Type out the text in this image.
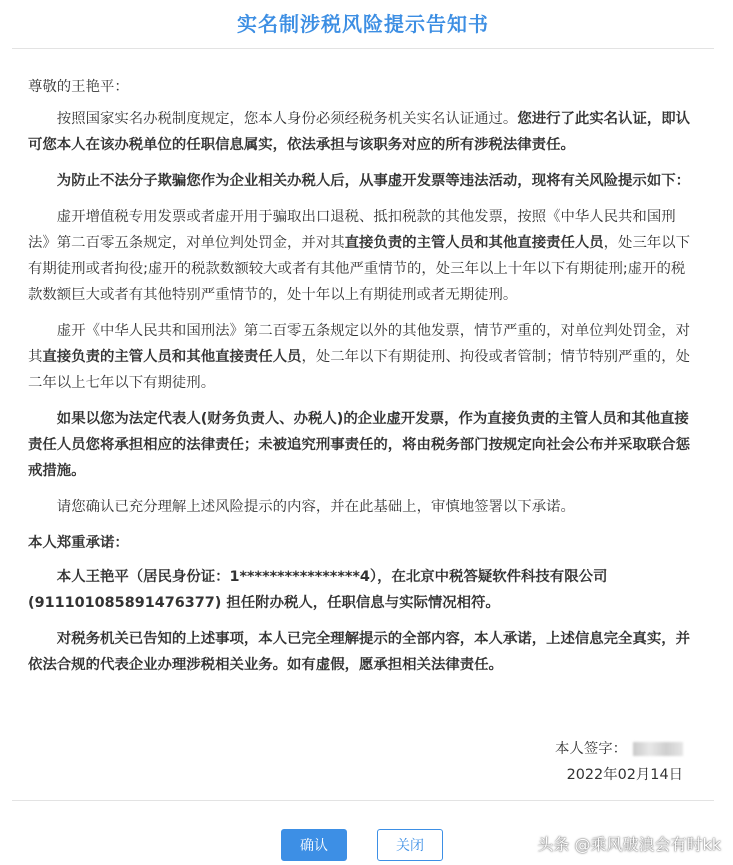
实名制涉税风险提示告知书

尊敬的王艳平：

按照国家实名办税制度规定，您本人身份必须经税务机关实名认证通过。您进行了此实名认证，即认可您本人在该办税单位的任职信息属实，依法承担与该职务对应的所有涉税法律责任。

为防止不法分子欺骗您作为企业相关办税人后，从事虚开发票等违法活动，现将有关风险提示如下：

虚开增值税专用发票或者虚开用于骗取出口退税、抵扣税款的其他发票，按照《中华人民共和国刑法》第二百零五条规定，对单位判处罚金，并对其直接负责的主管人员和其他直接责任人员，处三年以下有期徒刑或者拘役;虚开的税款数额较大或者有其他严重情节的，处三年以上十年以下有期徒刑;虚开的税款数额巨大或者有其他特别严重情节的，处十年以上有期徒刑或者无期徒刑。

虚开《中华人民共和国刑法》第二百零五条规定以外的其他发票，情节严重的，对单位判处罚金，对其直接负责的主管人员和其他直接责任人员，处二年以下有期徒刑、拘役或者管制；情节特别严重的，处二年以上七年以下有期徒刑。

如果以您为法定代表人(财务负责人、办税人)的企业虚开发票，作为直接负责的主管人员和其他直接责任人员您将承担相应的法律责任；未被追究刑事责任的，将由税务部门按规定向社会公布并采取联合惩戒措施。

请您确认已充分理解上述风险提示的内容，并在此基础上，审慎地签署以下承诺。

本人郑重承诺：

本人王艳平（居民身份证：1****************4），在北京中税答疑软件科技有限公司(911101085891476377) 担任附办税人，任职信息与实际情况相符。

对税务机关已告知的上述事项，本人已完全理解提示的全部内容，本人承诺，上述信息完全真实，并依法合规的代表企业办理涉税相关业务。如有虚假，愿承担相关法律责任。

本人签字：
2022年02月14日
确认	关闭	头条 @乘风破浪会有时kk
